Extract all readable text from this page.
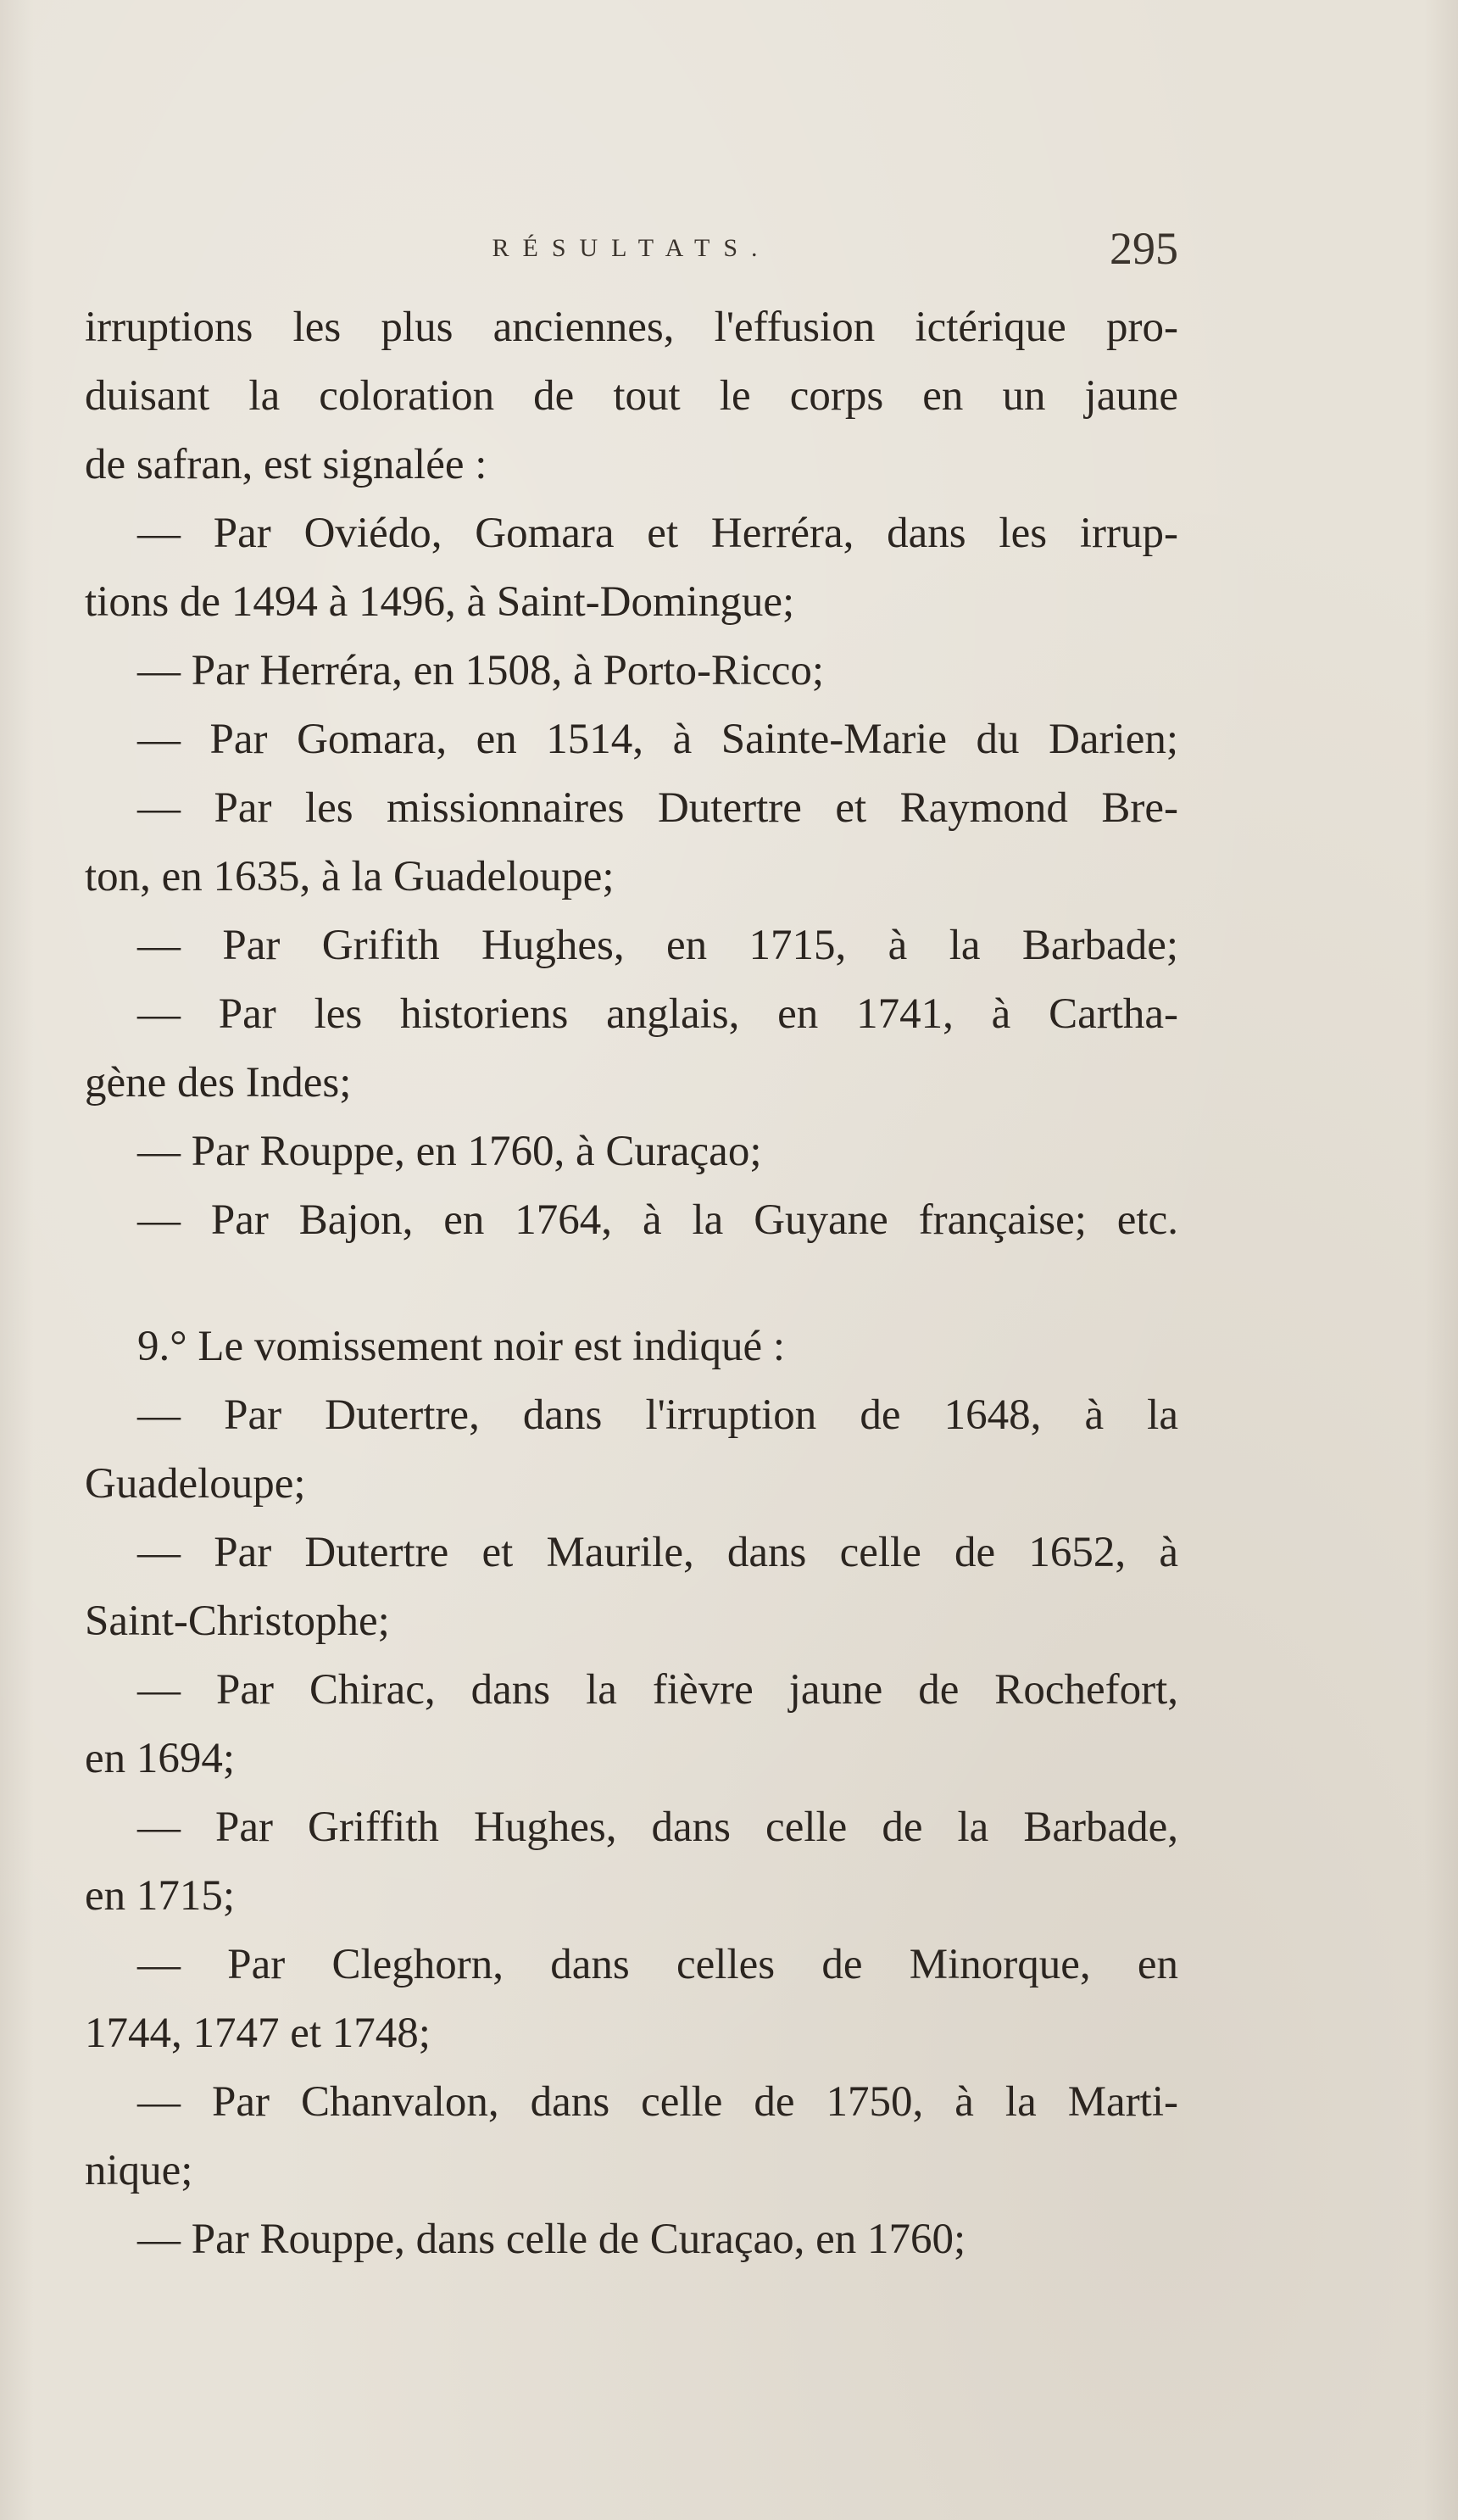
RÉSULTATS.	295
irruptions les plus anciennes, l'effusion ictérique pro-
duisant la coloration de tout le corps en un jaune
de safran, est signalée :
— Par Oviédo, Gomara et Herréra, dans les irrup-
tions de 1494 à 1496, à Saint-Domingue;
— Par Herréra, en 1508, à Porto-Ricco;
— Par Gomara, en 1514, à Sainte-Marie du Darien;
— Par les missionnaires Dutertre et Raymond Bre-
ton, en 1635, à la Guadeloupe;
— Par Grifith Hughes, en 1715, à la Barbade;
— Par les historiens anglais, en 1741, à Cartha-
gène des Indes;
— Par Rouppe, en 1760, à Curaçao;
— Par Bajon, en 1764, à la Guyane française; etc.
9.° Le vomissement noir est indiqué :
— Par Dutertre, dans l'irruption de 1648, à la
Guadeloupe;
— Par Dutertre et Maurile, dans celle de 1652, à
Saint-Christophe;
— Par Chirac, dans la fièvre jaune de Rochefort,
en 1694;
— Par Griffith Hughes, dans celle de la Barbade,
en 1715;
— Par Cleghorn, dans celles de Minorque, en
1744, 1747 et 1748;
— Par Chanvalon, dans celle de 1750, à la Marti-
nique;
— Par Rouppe, dans celle de Curaçao, en 1760;
